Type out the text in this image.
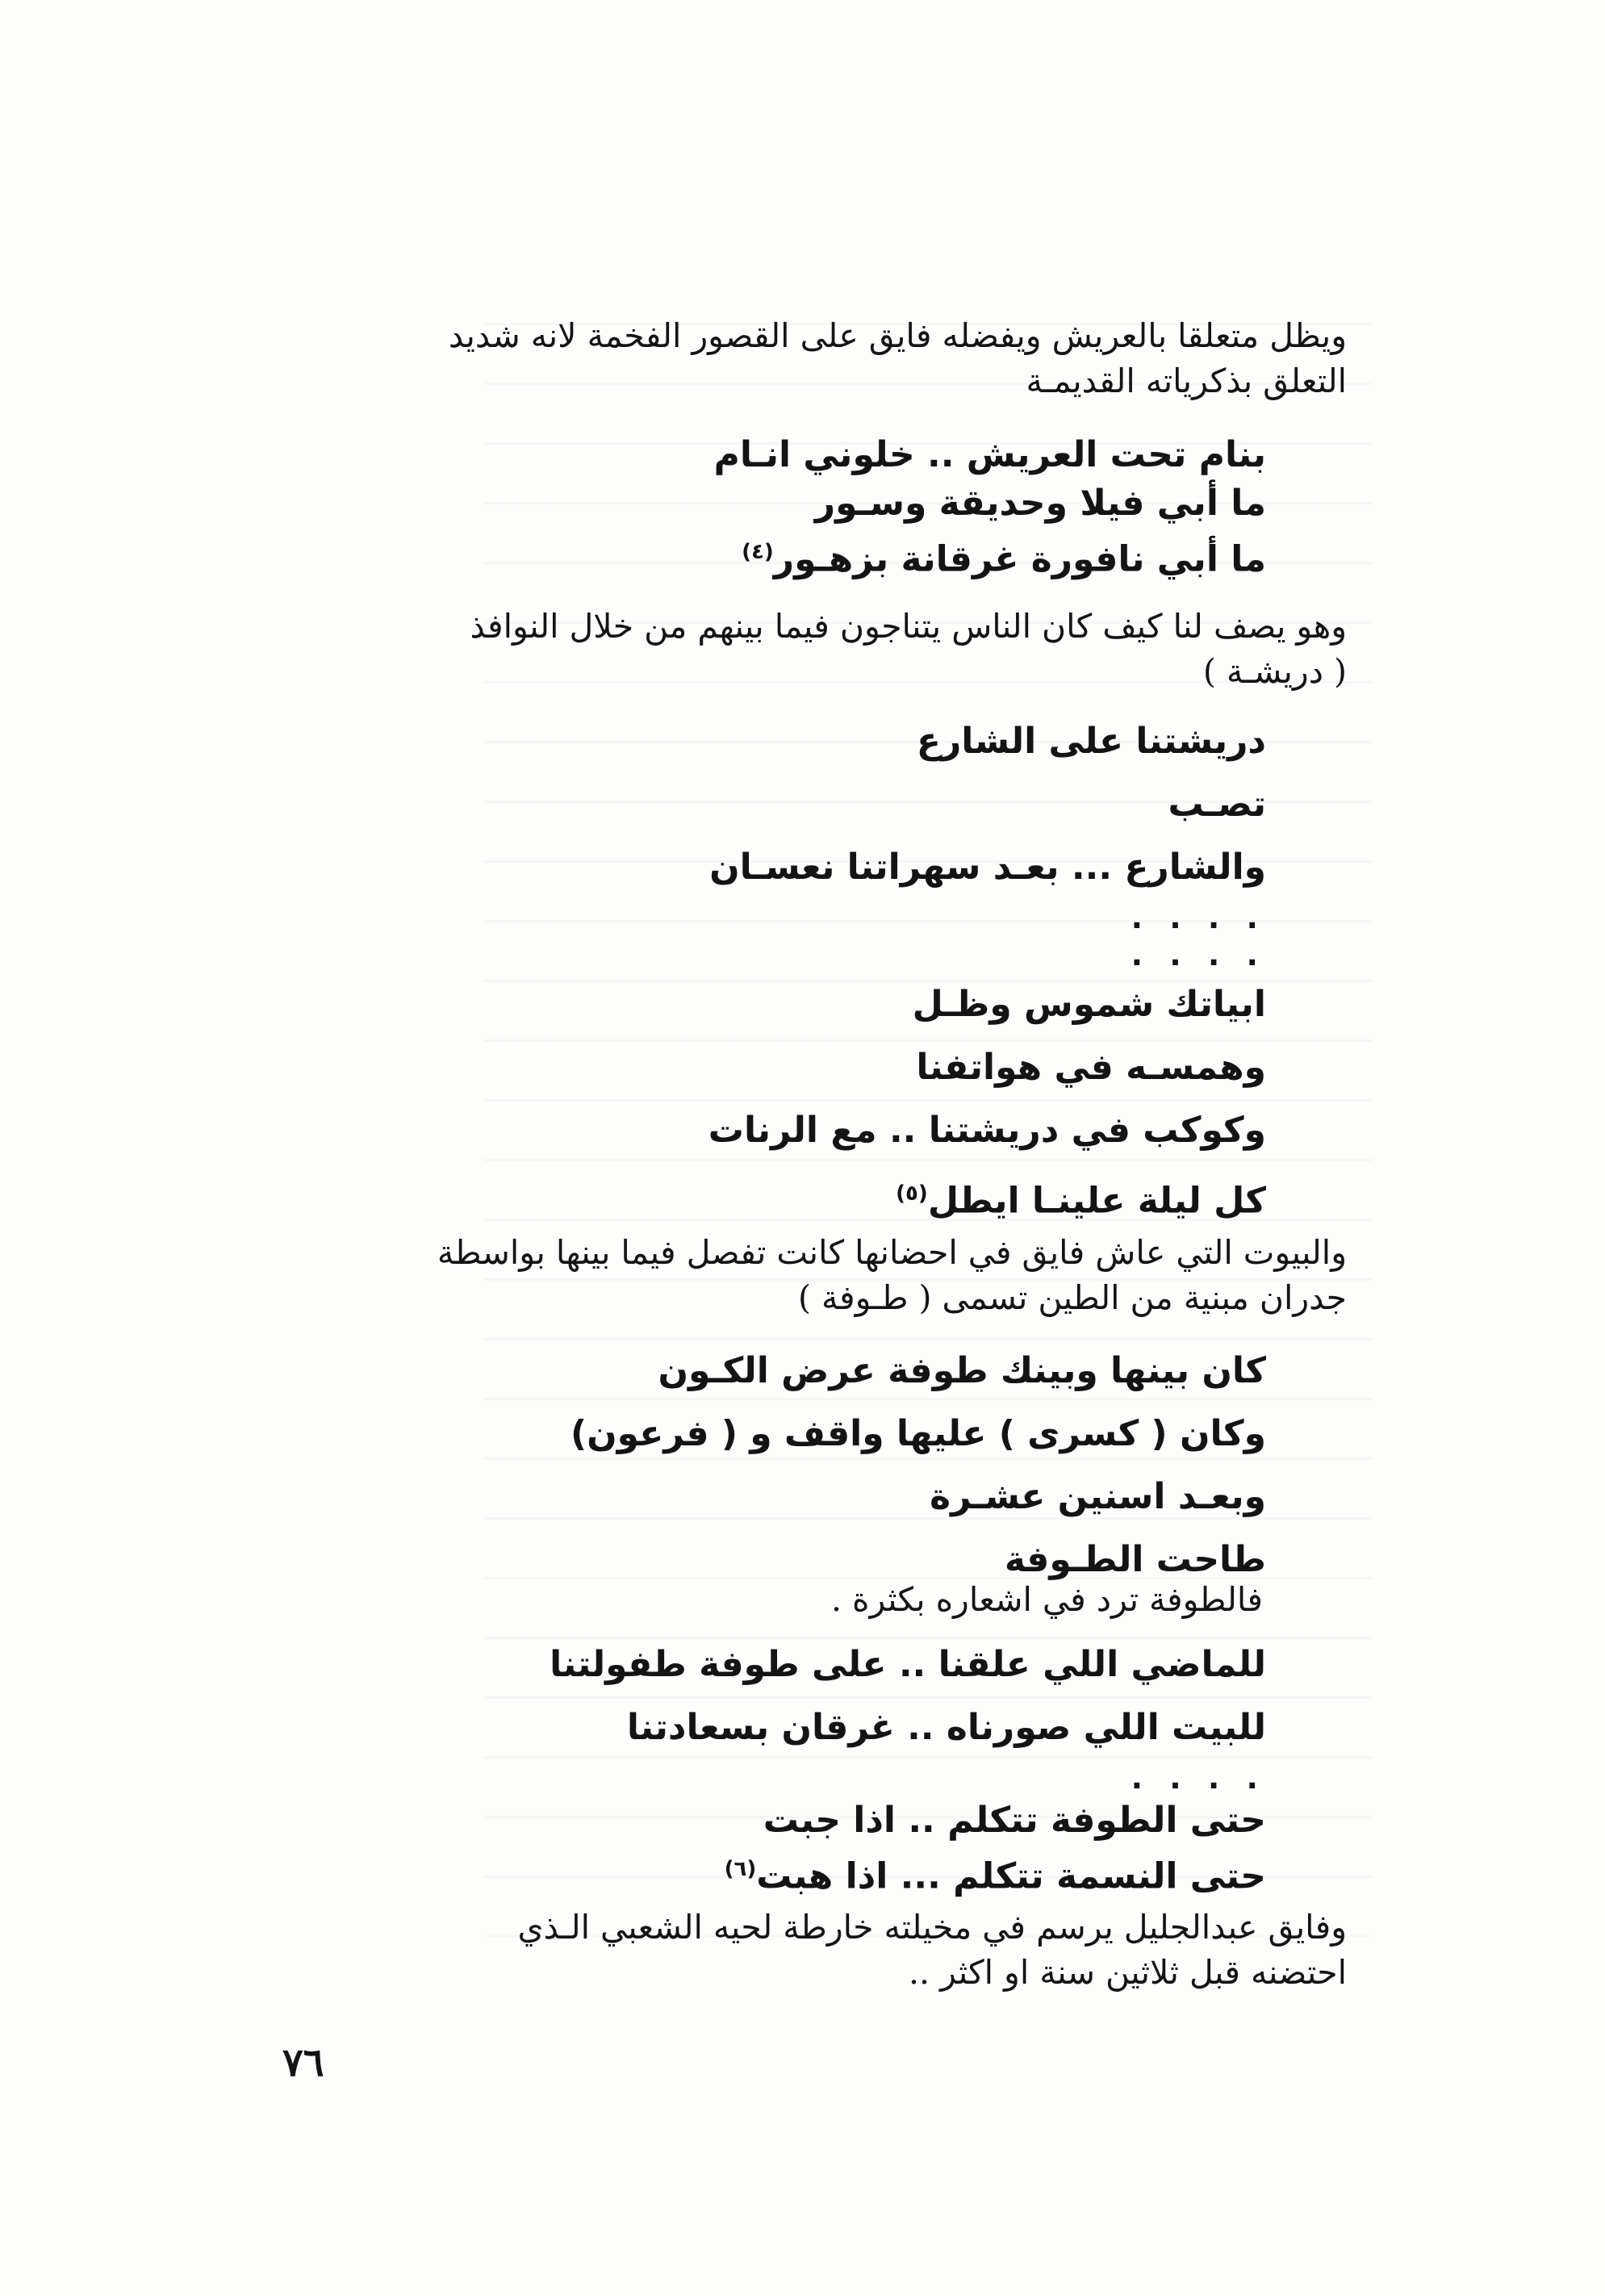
ويظل متعلقا بالعريش ويفضله فايق على القصور الفخمة لانه شديد

التعلق بذكرياته القديمـة

بنام تحت العريش .. خلوني انـام
ما أبي فيلا وحديقة وسـور
ما أبي نافورة غرقانة بزهـور$^{(٤)}$

وهو يصف لنا كيف كان الناس يتناجون فيما بينهم من خلال النوافذ

( دريشـة )

دريشتنا على الشارع
تصـب
والشارع ... بعـد سهراتنا نعسـان
. . . .
. . . .
ابياتك شموس وظـل
وهمسـه في هواتفنا
وكوكب في دريشتنا .. مع الرنات
كل ليلة علينـا ايطل$^{(٥)}$

والبيوت التي عاش فايق في احضانها كانت تفصل فيما بينها بواسطة

جدران مبنية من الطين تسمى ( طـوفة )

كان بينها وبينك طوفة عرض الكـون
وكان ( كسرى ) عليها واقف و ( فرعون)
وبعـد اسنين عشـرة
طاحت الطـوفة
فالطوفة ترد في اشعاره بكثرة .
للماضي اللي علقنا .. على طوفة طفولتنا
للبيت اللي صورناه .. غرقان بسعادتنا
. . . .
حتى الطوفة تتكلم .. اذا جبت
حتى النسمة تتكلم ... اذا هبت$^{(٦)}$

وفايق عبدالجليل يرسم في مخيلته خارطة لحيه الشعبي الـذي

احتضنه قبل ثلاثين سنة او اكثر ..

٧٦
